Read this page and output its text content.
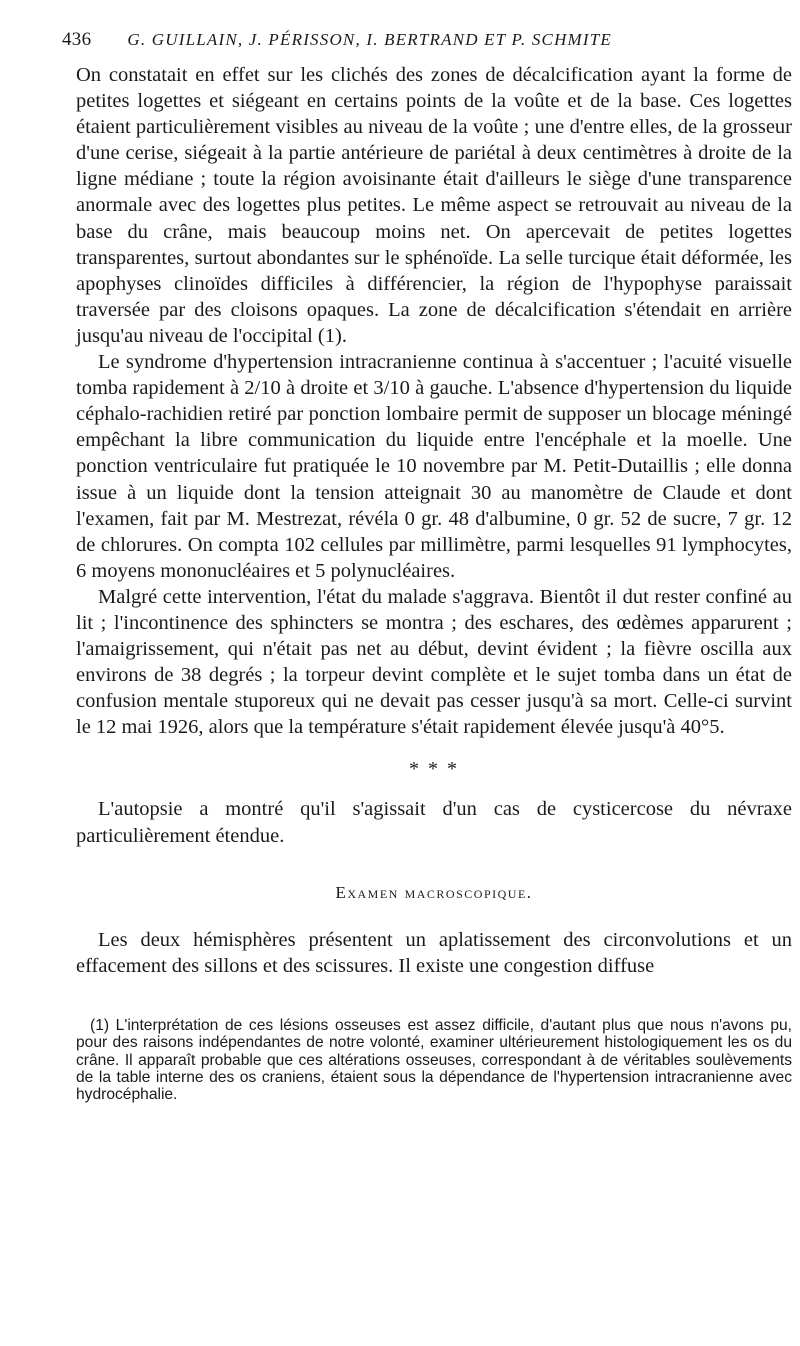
436 G. GUILLAIN, J. PÉRISSON, I. BERTRAND ET P. SCHMITE

On constatait en effet sur les clichés des zones de décalcification ayant la forme de petites logettes et siégeant en certains points de la voûte et de la base. Ces logettes étaient particulièrement visibles au niveau de la voûte ; une d'entre elles, de la grosseur d'une cerise, siégeait à la partie antérieure de pariétal à deux centimètres à droite de la ligne médiane ; toute la région avoisinante était d'ailleurs le siège d'une transparence anormale avec des logettes plus petites. Le même aspect se retrouvait au niveau de la base du crâne, mais beaucoup moins net. On apercevait de petites logettes transparentes, surtout abondantes sur le sphénoïde. La selle turcique était déformée, les apophyses clinoïdes difficiles à différencier, la région de l'hypophyse paraissait traversée par des cloisons opaques. La zone de décalcification s'étendait en arrière jusqu'au niveau de l'occipital (1).

Le syndrome d'hypertension intracranienne continua à s'accentuer ; l'acuité visuelle tomba rapidement à 2/10 à droite et 3/10 à gauche. L'absence d'hypertension du liquide céphalo-rachidien retiré par ponction lombaire permit de supposer un blocage méningé empêchant la libre communication du liquide entre l'encéphale et la moelle. Une ponction ventriculaire fut pratiquée le 10 novembre par M. Petit-Dutaillis ; elle donna issue à un liquide dont la tension atteignait 30 au manomètre de Claude et dont l'examen, fait par M. Mestrezat, révéla 0 gr. 48 d'albumine, 0 gr. 52 de sucre, 7 gr. 12 de chlorures. On compta 102 cellules par millimètre, parmi lesquelles 91 lymphocytes, 6 moyens mononucléaires et 5 polynucléaires.

Malgré cette intervention, l'état du malade s'aggrava. Bientôt il dut rester confiné au lit ; l'incontinence des sphincters se montra ; des eschares, des œdèmes apparurent ; l'amaigrissement, qui n'était pas net au début, devint évident ; la fièvre oscilla aux environs de 38 degrés ; la torpeur devint complète et le sujet tomba dans un état de confusion mentale stuporeux qui ne devait pas cesser jusqu'à sa mort. Celle-ci survint le 12 mai 1926, alors que la température s'était rapidement élevée jusqu'à 40°5.

* * *

L'autopsie a montré qu'il s'agissait d'un cas de cysticercose du névraxe particulièrement étendue.

Examen macroscopique.

Les deux hémisphères présentent un aplatissement des circonvolutions et un effacement des sillons et des scissures. Il existe une congestion diffuse

(1) L'interprétation de ces lésions osseuses est assez difficile, d'autant plus que nous n'avons pu, pour des raisons indépendantes de notre volonté, examiner ultérieurement histologiquement les os du crâne. Il apparaît probable que ces altérations osseuses, correspondant à de véritables soulèvements de la table interne des os craniens, étaient sous la dépendance de l'hypertension intracranienne avec hydrocéphalie.
